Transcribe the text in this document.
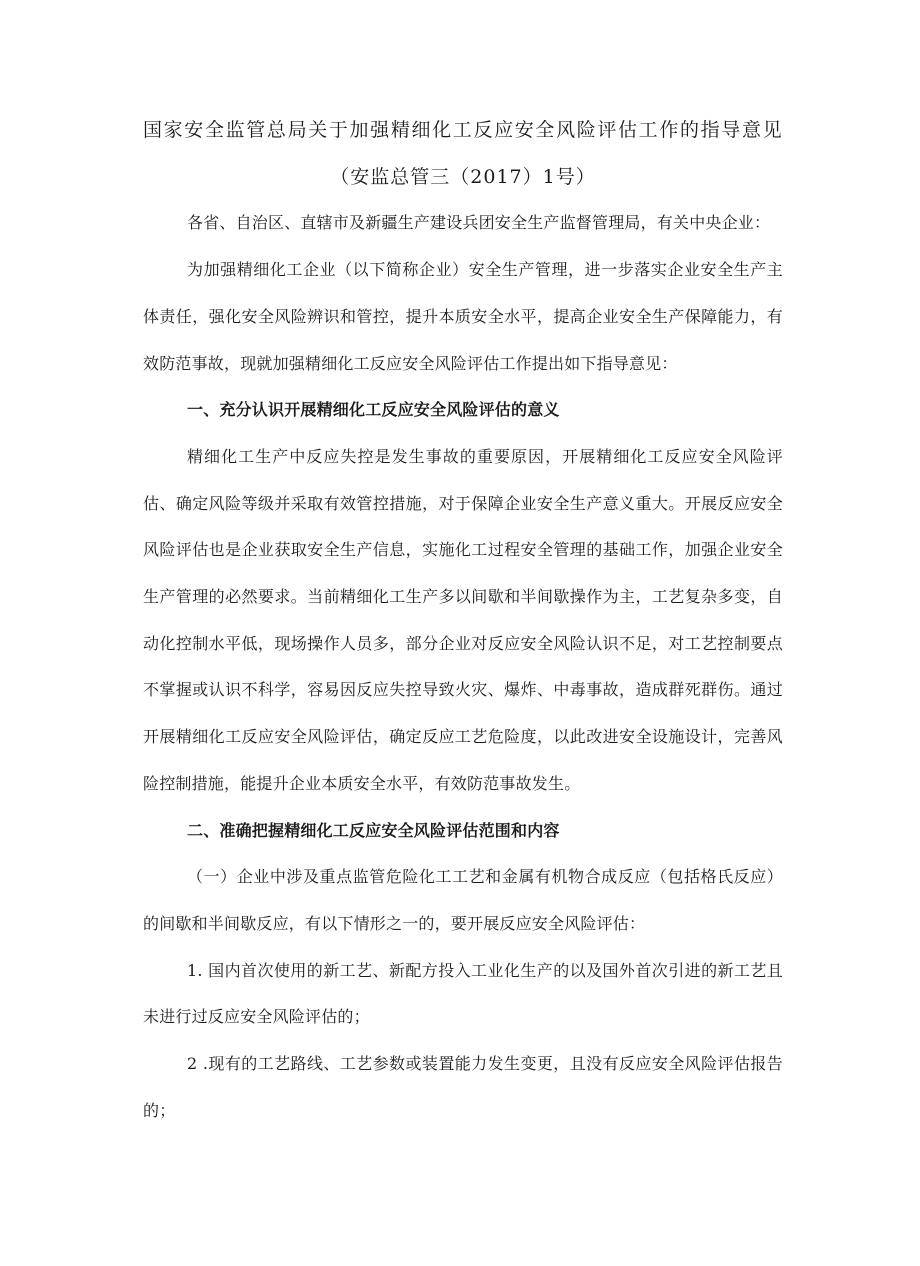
国家安全监管总局关于加强精细化工反应安全风险评估工作的指导意见

（安监总管三（2017）1号）

各省、自治区、直辖市及新疆生产建设兵团安全生产监督管理局，有关中央企业：

为加强精细化工企业（以下简称企业）安全生产管理，进一步落实企业安全生产主体责任，强化安全风险辨识和管控，提升本质安全水平，提高企业安全生产保障能力，有效防范事故，现就加强精细化工反应安全风险评估工作提出如下指导意见：

一、充分认识开展精细化工反应安全风险评估的意义

精细化工生产中反应失控是发生事故的重要原因，开展精细化工反应安全风险评估、确定风险等级并采取有效管控措施，对于保障企业安全生产意义重大。开展反应安全风险评估也是企业获取安全生产信息，实施化工过程安全管理的基础工作，加强企业安全生产管理的必然要求。当前精细化工生产多以间歇和半间歇操作为主，工艺复杂多变，自动化控制水平低，现场操作人员多，部分企业对反应安全风险认识不足，对工艺控制要点不掌握或认识不科学，容易因反应失控导致火灾、爆炸、中毒事故，造成群死群伤。通过开展精细化工反应安全风险评估，确定反应工艺危险度，以此改进安全设施设计，完善风险控制措施，能提升企业本质安全水平，有效防范事故发生。

二、准确把握精细化工反应安全风险评估范围和内容

（一）企业中涉及重点监管危险化工工艺和金属有机物合成反应（包括格氏反应）的间歇和半间歇反应，有以下情形之一的，要开展反应安全风险评估：

1. 国内首次使用的新工艺、新配方投入工业化生产的以及国外首次引进的新工艺且未进行过反应安全风险评估的；

2 .现有的工艺路线、工艺参数或装置能力发生变更，且没有反应安全风险评估报告的；
